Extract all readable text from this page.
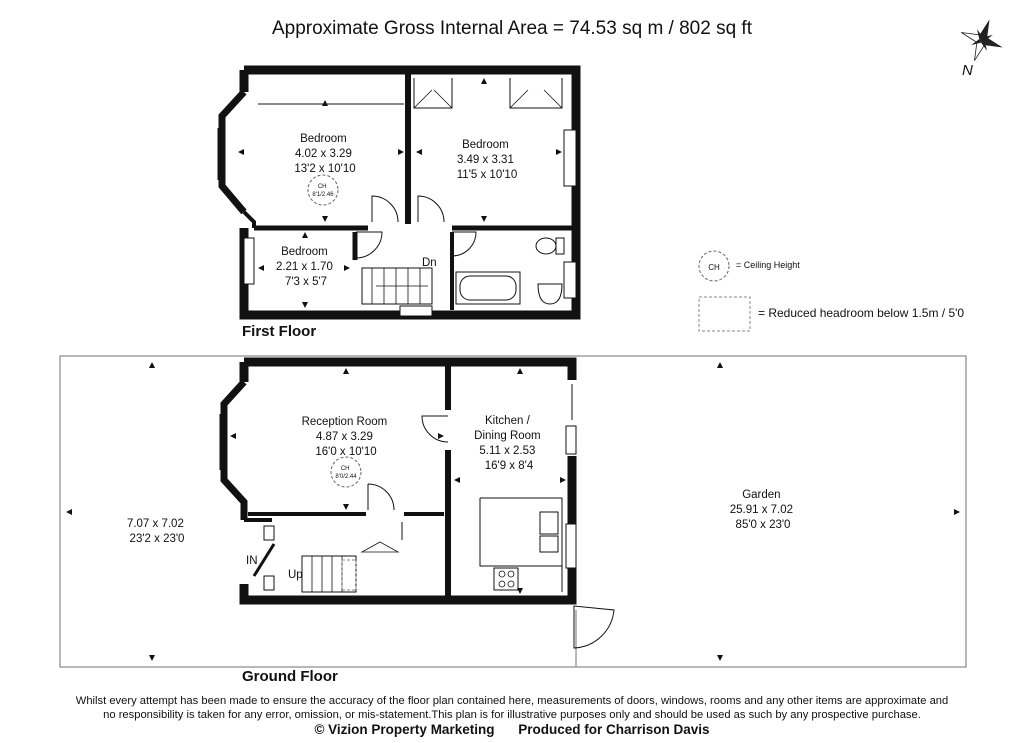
Approximate Gross Internal Area = 74.53 sq m / 802 sq ft
N
Bedroom 4.02 x 3.29 13'2 x 10'10
CH 8'1/2.46
Bedroom 3.49 x 3.31 11'5 x 10'10
Bedroom 2.21 x 1.70 7'3 x 5'7
Dn
Reception Room 4.87 x 3.29 16'0 x 10'10
CH 8'0/2.44
Kitchen / Dining Room 5.11 x 2.53 16'9 x 8'4
7.07 x 7.02 23'2 x 23'0
Garden 25.91 x 7.02 85'0 x 23'0
IN
Up
CH = Ceiling Height
= Reduced headroom below 1.5m / 5'0
First Floor
Ground Floor
Whilst every attempt has been made to ensure the accuracy of the floor plan contained here, measurements of doors, windows, rooms and any other items are approximate and
no responsibility is taken for any error, omission, or mis-statement.This plan is for illustrative purposes only and should be used as such by any prospective purchase.
© Vizion Property Marketing Produced for Charrison Davis
